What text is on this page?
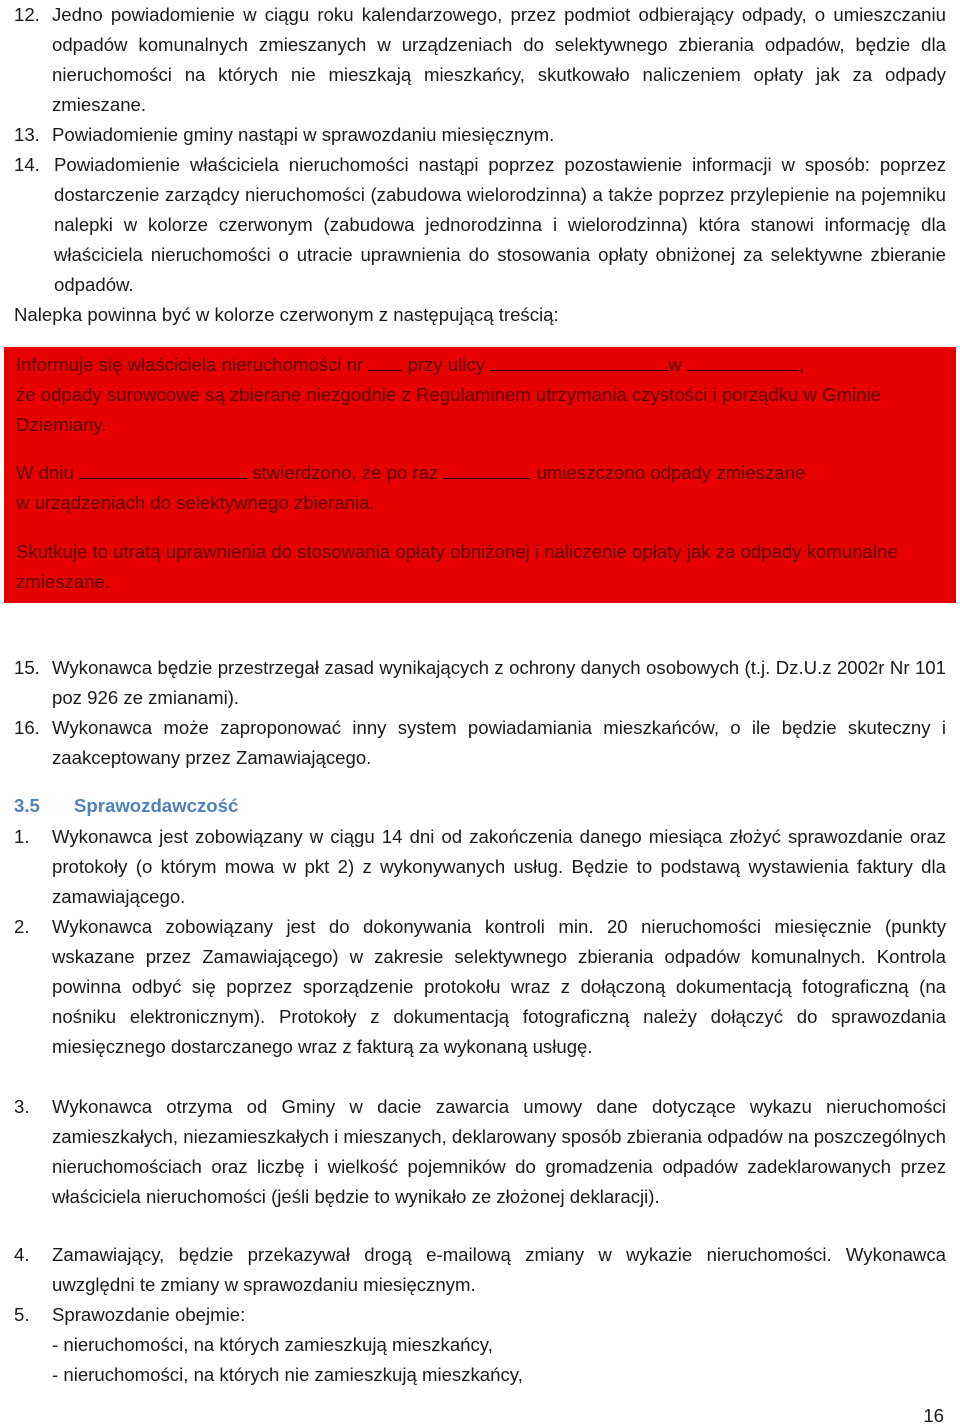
12. Jedno powiadomienie w ciągu roku kalendarzowego, przez podmiot odbierający odpady, o umieszczaniu odpadów komunalnych zmieszanych w urządzeniach do selektywnego zbierania odpadów, będzie dla nieruchomości na których nie mieszkają mieszkańcy, skutkowało naliczeniem opłaty jak za odpady zmieszane.
13. Powiadomienie gminy nastąpi w sprawozdaniu miesięcznym.
14. Powiadomienie właściciela nieruchomości nastąpi poprzez pozostawienie informacji w sposób: poprzez dostarczenie zarządcy nieruchomości (zabudowa wielorodzinna) a także poprzez przylepienie na pojemniku nalepki w kolorze czerwonym (zabudowa jednorodzinna i wielorodzinna) która stanowi informację dla właściciela nieruchomości o utracie uprawnienia do stosowania opłaty obniżonej za selektywne zbieranie odpadów.
Nalepka powinna być w kolorze czerwonym z następującą treścią:
Informuje się właściciela nieruchomości nr przy ulicy	w	,
że odpady surowcowe są zbierane niezgodnie z Regulaminem utrzymania czystości i porządku w Gminie Dziemiany.
W dniu	stwierdzono, że po raz	umieszczono odpady zmieszane
w urządzeniach do selektywnego zbierania.
Skutkuje to utratą uprawnienia do stosowania opłaty obniżonej i naliczenie opłaty jak za odpady komunalne zmieszane.
15. Wykonawca będzie przestrzegał zasad wynikających z ochrony danych osobowych (t.j. Dz.U.z 2002r Nr 101 poz 926 ze zmianami).
16. Wykonawca może zaproponować inny system powiadamiania mieszkańców, o ile będzie skuteczny i zaakceptowany przez Zamawiającego.
3.5 Sprawozdawczość
1. Wykonawca jest zobowiązany w ciągu 14 dni od zakończenia danego miesiąca złożyć sprawozdanie oraz protokoły (o którym mowa w pkt 2) z wykonywanych usług. Będzie to podstawą wystawienia faktury dla zamawiającego.
2. Wykonawca zobowiązany jest do dokonywania kontroli min. 20 nieruchomości miesięcznie (punkty wskazane przez Zamawiającego) w zakresie selektywnego zbierania odpadów komunalnych. Kontrola powinna odbyć się poprzez sporządzenie protokołu wraz z dołączoną dokumentacją fotograficzną (na nośniku elektronicznym). Protokoły z dokumentacją fotograficzną należy dołączyć do sprawozdania miesięcznego dostarczanego wraz z fakturą za wykonaną usługę.
3. Wykonawca otrzyma od Gminy w dacie zawarcia umowy dane dotyczące wykazu nieruchomości zamieszkałych, niezamieszkałych i mieszanych, deklarowany sposób zbierania odpadów na poszczególnych nieruchomościach oraz liczbę i wielkość pojemników do gromadzenia odpadów zadeklarowanych przez właściciela nieruchomości (jeśli będzie to wynikało ze złożonej deklaracji).
4. Zamawiający, będzie przekazywał drogą e-mailową zmiany w wykazie nieruchomości. Wykonawca uwzględni te zmiany w sprawozdaniu miesięcznym.
5. Sprawozdanie obejmie:
- nieruchomości, na których zamieszkują mieszkańcy,
- nieruchomości, na których nie zamieszkują mieszkańcy,
16
